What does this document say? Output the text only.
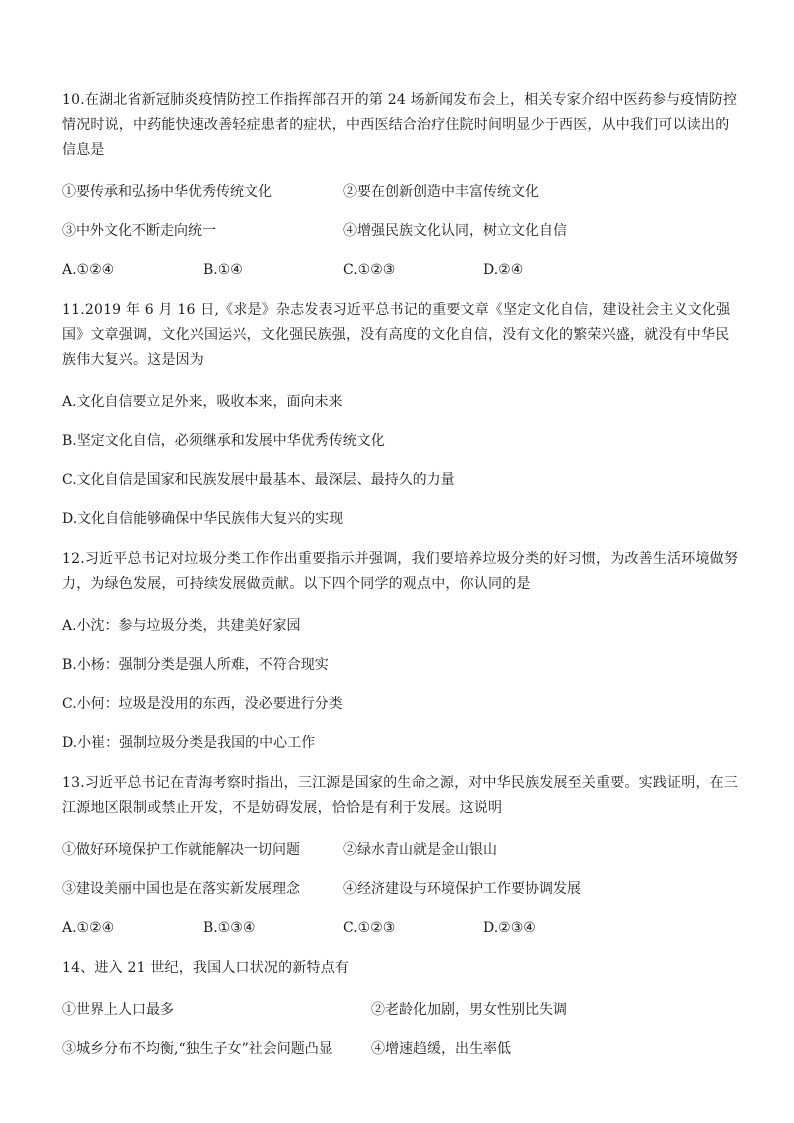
10.在湖北省新冠肺炎疫情防控工作指挥部召开的第 24 场新闻发布会上，相关专家介绍中医药参与疫情防控情况时说，中药能快速改善轻症患者的症状，中西医结合治疗住院时间明显少于西医，从中我们可以读出的信息是

①要传承和弘扬中华优秀传统文化	②要在创新创造中丰富传统文化
③中外文化不断走向统一	④增强民族文化认同，树立文化自信
A.①②④	B.①④	C.①②③	D.②④

11.2019 年 6 月 16 日,《求是》杂志发表习近平总书记的重要文章《坚定文化自信，建设社会主义文化强国》文章强调，文化兴国运兴，文化强民族强，没有高度的文化自信，没有文化的繁荣兴盛，就没有中华民族伟大复兴。这是因为

A.文化自信要立足外来，吸收本来，面向未来
B.坚定文化自信，必须继承和发展中华优秀传统文化
C.文化自信是国家和民族发展中最基本、最深层、最持久的力量
D.文化自信能够确保中华民族伟大复兴的实现

12.习近平总书记对垃圾分类工作作出重要指示并强调，我们要培养垃圾分类的好习惯，为改善生活环境做努力，为绿色发展，可持续发展做贡献。以下四个同学的观点中，你认同的是

A.小沈：参与垃圾分类，共建美好家园
B.小杨：强制分类是强人所难，不符合现实
C.小何：垃圾是没用的东西，没必要进行分类
D.小崔：强制垃圾分类是我国的中心工作

13.习近平总书记在青海考察时指出，三江源是国家的生命之源，对中华民族发展至关重要。实践证明，在三江源地区限制或禁止开发，不是妨碍发展，恰恰是有利于发展。这说明

①做好环境保护工作就能解决一切问题	②绿水青山就是金山银山
③建设美丽中国也是在落实新发展理念	④经济建设与环境保护工作要协调发展
A.①②④	B.①③④	C.①②③	D.②③④

14、进入 21 世纪，我国人口状况的新特点有

①世界上人口最多	②老龄化加剧，男女性别比失调
③城乡分布不均衡,“独生子女”社会问题凸显	④增速趋缓，出生率低
